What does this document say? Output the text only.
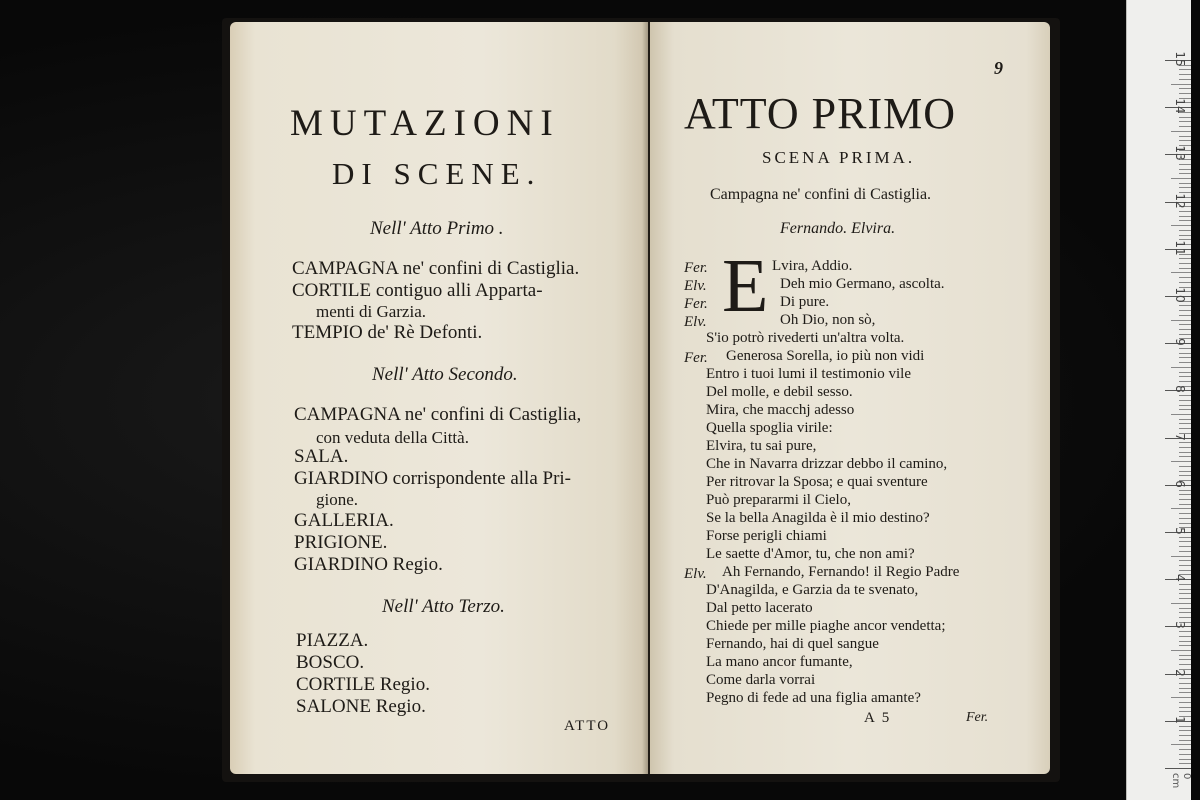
MUTAZIONI
DI SCENE.
Nell' Atto Primo .
CAMPAGNA ne' confini di Castiglia.
CORTILE contiguo alli Apparta-
menti di Garzia.
TEMPIO de' Rè Defonti.
Nell' Atto Secondo.
CAMPAGNA ne' confini di Castiglia,
con veduta della Città.
SALA.
GIARDINO corrispondente alla Pri-
gione.
GALLERIA.
PRIGIONE.
GIARDINO Regio.
Nell' Atto Terzo.
PIAZZA.
BOSCO.
CORTILE Regio.
SALONE Regio.
ATTO
9
ATTO PRIMO
SCENA PRIMA.
Campagna ne' confini di Castiglia.
Fernando. Elvira.
E
Fer.	Lvira, Addio.
Elv.	Deh mio Germano, ascolta.
Fer.	Di pure.
Elv.	Oh Dio, non sò,
S'io potrò rivederti un'altra volta.
Fer. Generosa Sorella, io più non vidi
Entro i tuoi lumi il testimonio vile
Del molle, e debil sesso.
Mira, che macchj adesso
Quella spoglia virile:
Elvira, tu sai pure,
Che in Navarra drizzar debbo il camino,
Per ritrovar la Sposa; e quai sventure
Può prepararmi il Cielo,
Se la bella Anagilda è il mio destino?
Forse perigli chiami
Le saette d'Amor, tu, che non ami?
Elv. Ah Fernando, Fernando! il Regio Padre
D'Anagilda, e Garzia da te svenato,
Dal petto lacerato
Chiede per mille piaghe ancor vendetta;
Fernando, hai di quel sangue
La mano ancor fumante,
Come darla vorrai
Pegno di fede ad una figlia amante?
A 5	Fer.
0 cm
1
2
3
4
5
6
7
8
9
10
11
12
13
14
15
